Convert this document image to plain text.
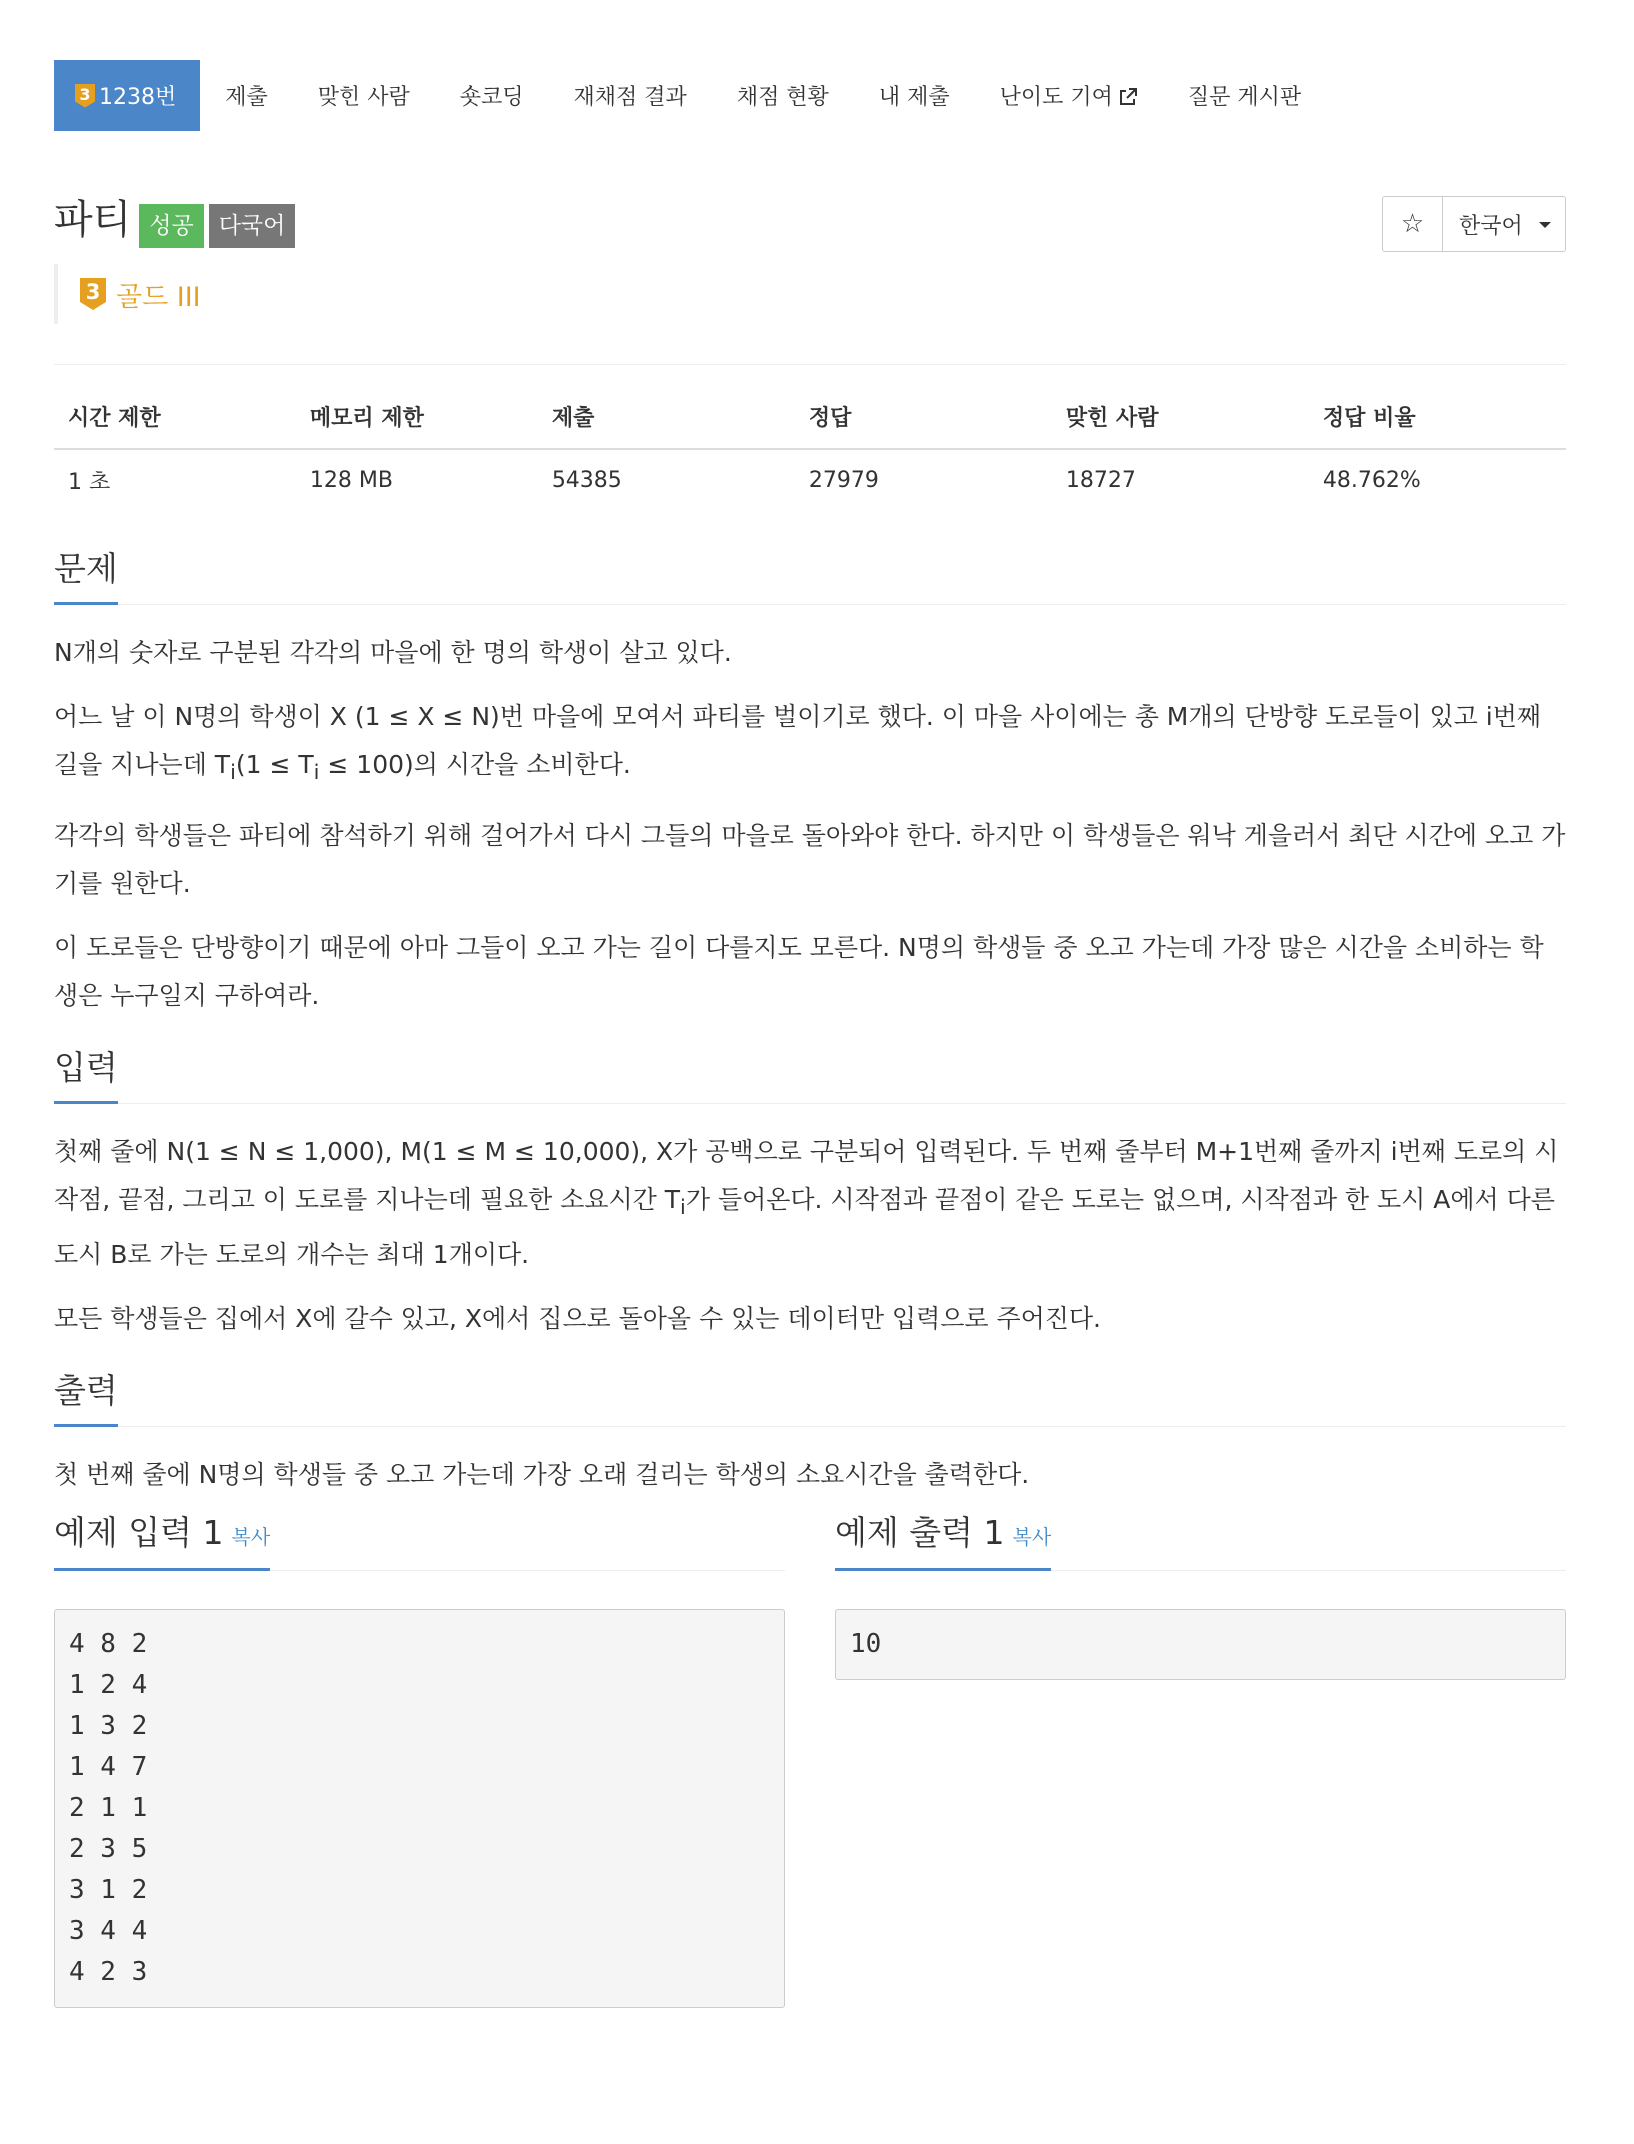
3 1238번	제출	맞힌 사람	숏코딩	재채점 결과	채점 현황	내 제출	난이도 기여	질문 게시판
파티 성공	다국어	☆ 한국어
3 골드 III
시간 제한	메모리 제한	제출	정답	맞힌 사람	정답 비율
1 초	128 MB	54385	27979	18727	48.762%
문제

N개의 숫자로 구분된 각각의 마을에 한 명의 학생이 살고 있다.

어느 날 이 N명의 학생이 X (1 ≤ X ≤ N)번 마을에 모여서 파티를 벌이기로 했다. 이 마을 사이에는 총 M개의 단방향 도로들이 있고 i번째 길을 지나는데 $T_i(1 \le T_i \le 100)$의 시간을 소비한다.

각각의 학생들은 파티에 참석하기 위해 걸어가서 다시 그들의 마을로 돌아와야 한다. 하지만 이 학생들은 워낙 게을러서 최단 시간에 오고 가기를 원한다.

이 도로들은 단방향이기 때문에 아마 그들이 오고 가는 길이 다를지도 모른다. N명의 학생들 중 오고 가는데 가장 많은 시간을 소비하는 학생은 누구일지 구하여라.

입력

첫째 줄에 N(1 ≤ N ≤ 1,000), M(1 ≤ M ≤ 10,000), X가 공백으로 구분되어 입력된다. 두 번째 줄부터 M+1번째 줄까지 i번째 도로의 시작점, 끝점, 그리고 이 도로를 지나는데 필요한 소요시간 $T_i$가 들어온다. 시작점과 끝점이 같은 도로는 없으며, 시작점과 한 도시 A에서 다른 도시 B로 가는 도로의 개수는 최대 1개이다.

모든 학생들은 집에서 X에 갈수 있고, X에서 집으로 돌아올 수 있는 데이터만 입력으로 주어진다.

출력

첫 번째 줄에 N명의 학생들 중 오고 가는데 가장 오래 걸리는 학생의 소요시간을 출력한다.

예제 입력 1 복사
4 8 2
1 2 4
1 3 2
1 4 7
2 1 1
2 3 5
3 1 2
3 4 4
4 2 3
예제 출력 1 복사
10
